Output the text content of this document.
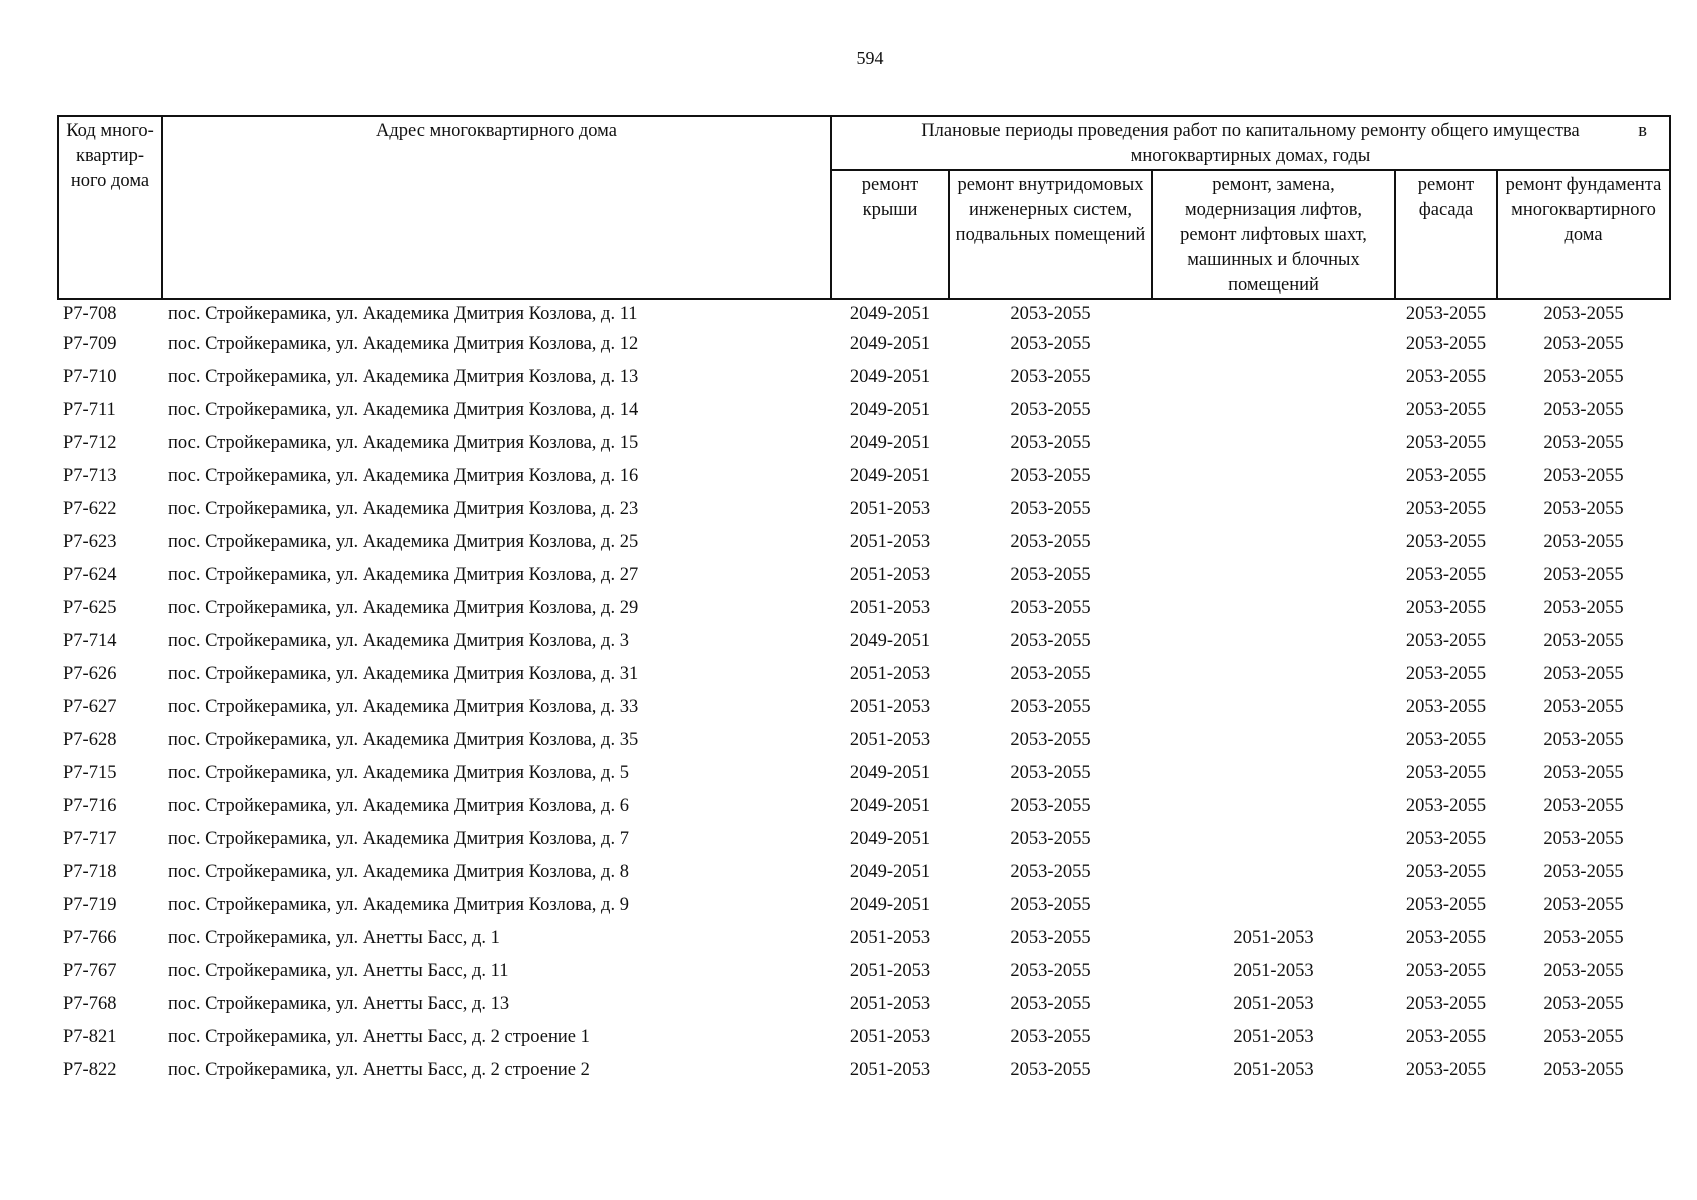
594
Код много-квартир-ного дома	Адрес многоквартирного дома	Плановые периоды проведения работ по капитальному ремонту общего имущества в
многоквартирных домах, годы				
		ремонт крыши	ремонт внутридомовых инженерных систем, подвальных помещений	ремонт, замена, модернизация лифтов, ремонт лифтовых шахт, машинных и блочных помещений	ремонт фасада	ремонт фундамента многоквартирного дома
Р7-708	пос. Стройкерамика, ул. Академика Дмитрия Козлова, д. 11	2049-2051	2053-2055		2053-2055	2053-2055
Р7-709	пос. Стройкерамика, ул. Академика Дмитрия Козлова, д. 12	2049-2051	2053-2055		2053-2055	2053-2055
Р7-710	пос. Стройкерамика, ул. Академика Дмитрия Козлова, д. 13	2049-2051	2053-2055		2053-2055	2053-2055
Р7-711	пос. Стройкерамика, ул. Академика Дмитрия Козлова, д. 14	2049-2051	2053-2055		2053-2055	2053-2055
Р7-712	пос. Стройкерамика, ул. Академика Дмитрия Козлова, д. 15	2049-2051	2053-2055		2053-2055	2053-2055
Р7-713	пос. Стройкерамика, ул. Академика Дмитрия Козлова, д. 16	2049-2051	2053-2055		2053-2055	2053-2055
Р7-622	пос. Стройкерамика, ул. Академика Дмитрия Козлова, д. 23	2051-2053	2053-2055		2053-2055	2053-2055
Р7-623	пос. Стройкерамика, ул. Академика Дмитрия Козлова, д. 25	2051-2053	2053-2055		2053-2055	2053-2055
Р7-624	пос. Стройкерамика, ул. Академика Дмитрия Козлова, д. 27	2051-2053	2053-2055		2053-2055	2053-2055
Р7-625	пос. Стройкерамика, ул. Академика Дмитрия Козлова, д. 29	2051-2053	2053-2055		2053-2055	2053-2055
Р7-714	пос. Стройкерамика, ул. Академика Дмитрия Козлова, д. 3	2049-2051	2053-2055		2053-2055	2053-2055
Р7-626	пос. Стройкерамика, ул. Академика Дмитрия Козлова, д. 31	2051-2053	2053-2055		2053-2055	2053-2055
Р7-627	пос. Стройкерамика, ул. Академика Дмитрия Козлова, д. 33	2051-2053	2053-2055		2053-2055	2053-2055
Р7-628	пос. Стройкерамика, ул. Академика Дмитрия Козлова, д. 35	2051-2053	2053-2055		2053-2055	2053-2055
Р7-715	пос. Стройкерамика, ул. Академика Дмитрия Козлова, д. 5	2049-2051	2053-2055		2053-2055	2053-2055
Р7-716	пос. Стройкерамика, ул. Академика Дмитрия Козлова, д. 6	2049-2051	2053-2055		2053-2055	2053-2055
Р7-717	пос. Стройкерамика, ул. Академика Дмитрия Козлова, д. 7	2049-2051	2053-2055		2053-2055	2053-2055
Р7-718	пос. Стройкерамика, ул. Академика Дмитрия Козлова, д. 8	2049-2051	2053-2055		2053-2055	2053-2055
Р7-719	пос. Стройкерамика, ул. Академика Дмитрия Козлова, д. 9	2049-2051	2053-2055		2053-2055	2053-2055
Р7-766	пос. Стройкерамика, ул. Анетты Басс, д. 1	2051-2053	2053-2055	2051-2053	2053-2055	2053-2055
Р7-767	пос. Стройкерамика, ул. Анетты Басс, д. 11	2051-2053	2053-2055	2051-2053	2053-2055	2053-2055
Р7-768	пос. Стройкерамика, ул. Анетты Басс, д. 13	2051-2053	2053-2055	2051-2053	2053-2055	2053-2055
Р7-821	пос. Стройкерамика, ул. Анетты Басс, д. 2 строение 1	2051-2053	2053-2055	2051-2053	2053-2055	2053-2055
Р7-822	пос. Стройкерамика, ул. Анетты Басс, д. 2 строение 2	2051-2053	2053-2055	2051-2053	2053-2055	2053-2055
